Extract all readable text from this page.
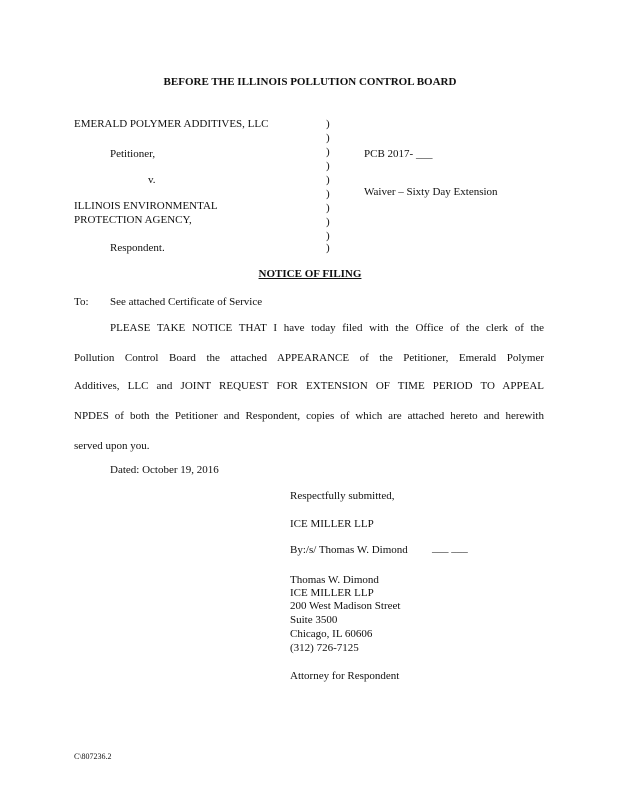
BEFORE THE ILLINOIS POLLUTION CONTROL BOARD
EMERALD POLYMER ADDITIVES, LLC
Petitioner,
v.
ILLINOIS ENVIRONMENTAL
PROTECTION AGENCY,
Respondent.
)
)
)
)
)
)
)
)
)
)
PCB 2017- ___
Waiver – Sixty Day Extension
NOTICE OF FILING
To: See attached Certificate of Service
PLEASE TAKE NOTICE THAT I have today filed with the Office of the clerk of the
Pollution Control Board the attached APPEARANCE of the Petitioner, Emerald Polymer
Additives, LLC and JOINT REQUEST FOR EXTENSION OF TIME PERIOD TO APPEAL
NPDES of both the Petitioner and Respondent, copies of which are attached hereto and herewith
served upon you.
Dated: October 19, 2016
Respectfully submitted,
ICE MILLER LLP
By:/s/ Thomas W. Dimond ___ ___
Thomas W. Dimond
ICE MILLER LLP
200 West Madison Street
Suite 3500
Chicago, IL 60606
(312) 726-7125
Attorney for Respondent
C\807236.2
